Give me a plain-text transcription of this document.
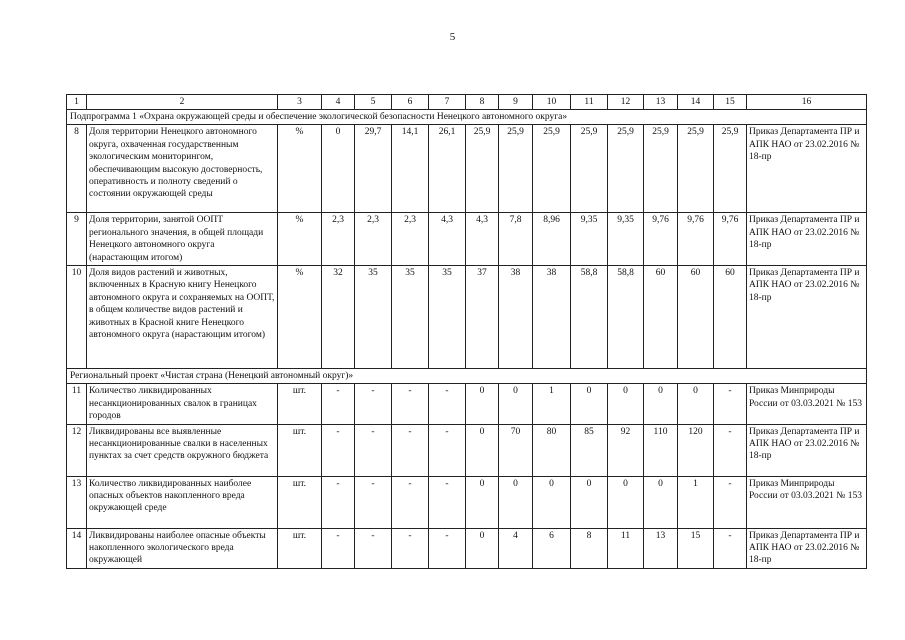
5
1	2	3	4	5	6	7	8	9	10	11	12	13	14	15	16
Подпрограмма 1 «Охрана окружающей среды и обеспечение экологической безопасности Ненецкого автономного округа»															
8	Доля территории Ненецкого автономного округа, охваченная государственным экологическим мониторингом, обеспечивающим высокую достоверность, оперативность и полноту сведений о состоянии окружающей среды	%	0	29,7	14,1	26,1	25,9	25,9	25,9	25,9	25,9	25,9	25,9	25,9	Приказ Департамента ПР и АПК НАО от 23.02.2016 № 18-пр
9	Доля территории, занятой ООПТ регионального значения, в общей площади Ненецкого автономного округа (нарастающим итогом)	%	2,3	2,3	2,3	4,3	4,3	7,8	8,96	9,35	9,35	9,76	9,76	9,76	Приказ Департамента ПР и АПК НАО от 23.02.2016 № 18-пр
10	Доля видов растений и животных, включенных в Красную книгу Ненецкого автономного округа и сохраняемых на ООПТ, в общем количестве видов растений и животных в Красной книге Ненецкого автономного округа (нарастающим итогом)	%	32	35	35	35	37	38	38	58,8	58,8	60	60	60	Приказ Департамента ПР и АПК НАО от 23.02.2016 № 18-пр
Региональный проект «Чистая страна (Ненецкий автономный округ)»															
11	Количество ликвидированных несанкционированных свалок в границах городов	шт.	-	-	-	-	0	0	1	0	0	0	0	-	Приказ Минприроды России от 03.03.2021 № 153
12	Ликвидированы все выявленные несанкционированные свалки в населенных пунктах за счет средств окружного бюджета	шт.	-	-	-	-	0	70	80	85	92	110	120	-	Приказ Департамента ПР и АПК НАО от 23.02.2016 № 18-пр
13	Количество ликвидированных наиболее опасных объектов накопленного вреда окружающей среде	шт.	-	-	-	-	0	0	0	0	0	0	1	-	Приказ Минприроды России от 03.03.2021 № 153
14	Ликвидированы наиболее опасные объекты накопленного экологического вреда окружающей	шт.	-	-	-	-	0	4	6	8	11	13	15	-	Приказ Департамента ПР и АПК НАО от 23.02.2016 № 18-пр
